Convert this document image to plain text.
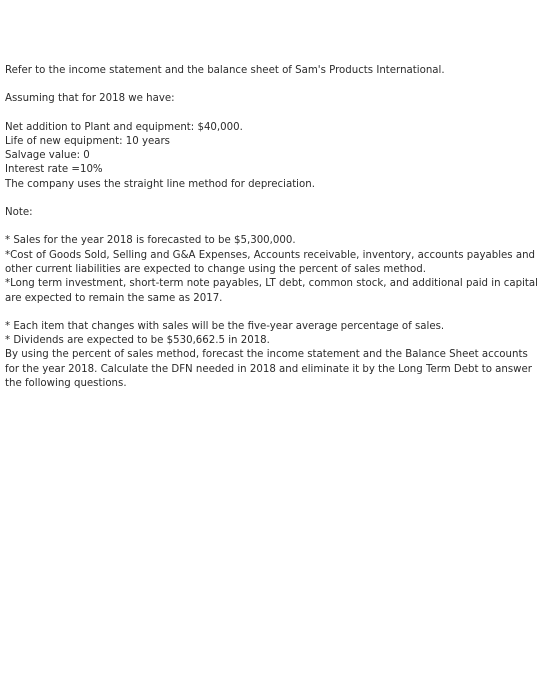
Refer to the income statement and the balance sheet of Sam's Products International.
Assuming that for 2018 we have:
Net addition to Plant and equipment: $40,000.
Life of new equipment: 10 years
Salvage value: 0
Interest rate =10%
The company uses the straight line method for depreciation.
Note:
* Sales for the year 2018 is forecasted to be $5,300,000.
*Cost of Goods Sold, Selling and G&A Expenses, Accounts receivable, inventory, accounts payables and other current liabilities are expected to change using the percent of sales method.
*Long term investment, short-term note payables, LT debt, common stock, and additional paid in capital are expected to remain the same as 2017.
* Each item that changes with sales will be the five-year average percentage of sales.
* Dividends are expected to be $530,662.5 in 2018.
By using the percent of sales method, forecast the income statement and the Balance Sheet accounts for the year 2018. Calculate the DFN needed in 2018 and eliminate it by the Long Term Debt to answer the following questions.
